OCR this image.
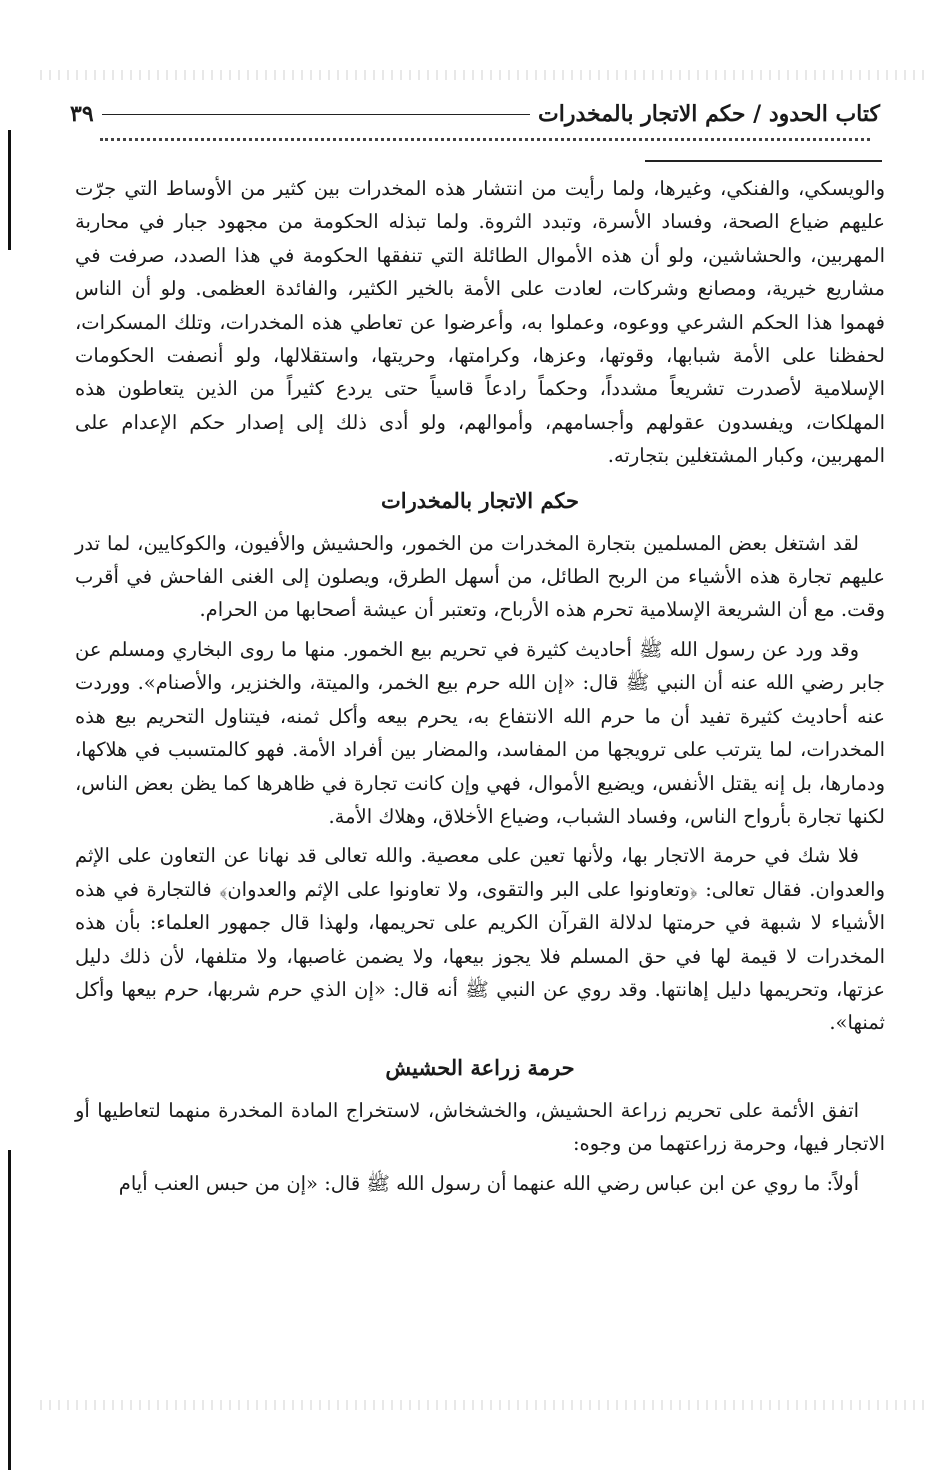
كتاب الحدود / حكم الاتجار بالمخدرات
٣٩

والويسكي، والفنكي، وغيرها، ولما رأيت من انتشار هذه المخدرات بين كثير من الأوساط التي جرّت عليهم ضياع الصحة، وفساد الأسرة، وتبدد الثروة. ولما تبذله الحكومة من مجهود جبار في محاربة المهربين، والحشاشين، ولو أن هذه الأموال الطائلة التي تنفقها الحكومة في هذا الصدد، صرفت في مشاريع خيرية، ومصانع وشركات، لعادت على الأمة بالخير الكثير، والفائدة العظمى. ولو أن الناس فهموا هذا الحكم الشرعي ووعوه، وعملوا به، وأعرضوا عن تعاطي هذه المخدرات، وتلك المسكرات، لحفظنا على الأمة شبابها، وقوتها، وعزها، وكرامتها، وحريتها، واستقلالها، ولو أنصفت الحكومات الإسلامية لأصدرت تشريعاً مشدداً، وحكماً رادعاً قاسياً حتى يردع كثيراً من الذين يتعاطون هذه المهلكات، ويفسدون عقولهم وأجسامهم، وأموالهم، ولو أدى ذلك إلى إصدار حكم الإعدام على المهربين، وكبار المشتغلين بتجارته.

حكم الاتجار بالمخدرات

لقد اشتغل بعض المسلمين بتجارة المخدرات من الخمور، والحشيش والأفيون، والكوكايين، لما تدر عليهم تجارة هذه الأشياء من الربح الطائل، من أسهل الطرق، ويصلون إلى الغنى الفاحش في أقرب وقت. مع أن الشريعة الإسلامية تحرم هذه الأرباح، وتعتبر أن عيشة أصحابها من الحرام.

وقد ورد عن رسول الله ﷺ أحاديث كثيرة في تحريم بيع الخمور. منها ما روى البخاري ومسلم عن جابر رضي الله عنه أن النبي ﷺ قال: «إن الله حرم بيع الخمر، والميتة، والخنزير، والأصنام». ووردت عنه أحاديث كثيرة تفيد أن ما حرم الله الانتفاع به، يحرم بيعه وأكل ثمنه، فيتناول التحريم بيع هذه المخدرات، لما يترتب على ترويجها من المفاسد، والمضار بين أفراد الأمة. فهو كالمتسبب في هلاكها، ودمارها، بل إنه يقتل الأنفس، ويضيع الأموال، فهي وإن كانت تجارة في ظاهرها كما يظن بعض الناس، لكنها تجارة بأرواح الناس، وفساد الشباب، وضياع الأخلاق، وهلاك الأمة.

فلا شك في حرمة الاتجار بها، ولأنها تعين على معصية. والله تعالى قد نهانا عن التعاون على الإثم والعدوان. فقال تعالى: ﴿وتعاونوا على البر والتقوى، ولا تعاونوا على الإثم والعدوان﴾ فالتجارة في هذه الأشياء لا شبهة في حرمتها لدلالة القرآن الكريم على تحريمها، ولهذا قال جمهور العلماء: بأن هذه المخدرات لا قيمة لها في حق المسلم فلا يجوز بيعها، ولا يضمن غاصبها، ولا متلفها، لأن ذلك دليل عزتها، وتحريمها دليل إهانتها. وقد روي عن النبي ﷺ أنه قال: «إن الذي حرم شربها، حرم بيعها وأكل ثمنها».

حرمة زراعة الحشيش

اتفق الأئمة على تحريم زراعة الحشيش، والخشخاش، لاستخراج المادة المخدرة منهما لتعاطيها أو الاتجار فيها، وحرمة زراعتهما من وجوه:

أولاً: ما روي عن ابن عباس رضي الله عنهما أن رسول الله ﷺ قال: «إن من حبس العنب أيام
